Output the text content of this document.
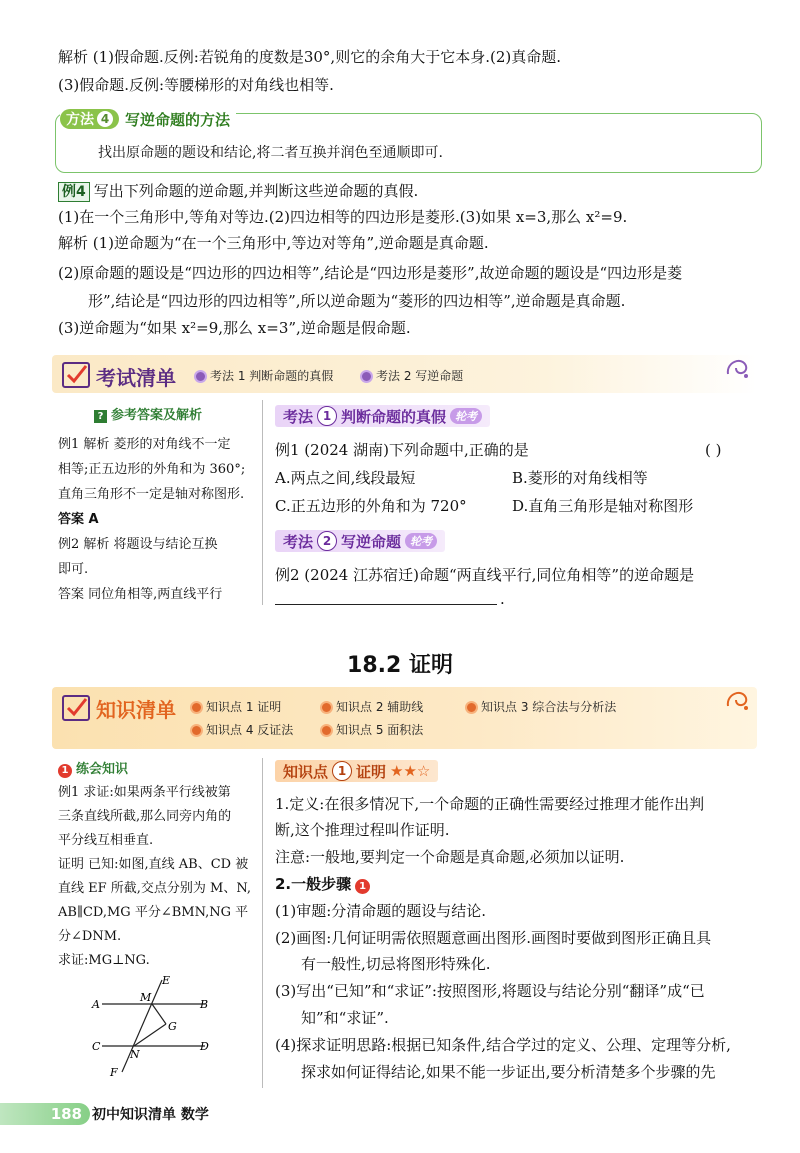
解析 (1)假命题.反例:若锐角的度数是30°,则它的余角大于它本身.(2)真命题.
(3)假命题.反例:等腰梯形的对角线也相等.
方法 4 写逆命题的方法
找出原命题的题设和结论,将二者互换并润色至通顺即可.
例4 写出下列命题的逆命题,并判断这些逆命题的真假.
(1)在一个三角形中,等角对等边.(2)四边相等的四边形是菱形.(3)如果 x=3,那么 x²=9.
解析 (1)逆命题为“在一个三角形中,等边对等角”,逆命题是真命题.
(2)原命题的题设是“四边形的四边相等”,结论是“四边形是菱形”,故逆命题的题设是“四边形是菱
形”,结论是“四边形的四边相等”,所以逆命题为“菱形的四边相等”,逆命题是真命题.
(3)逆命题为“如果 x²=9,那么 x=3”,逆命题是假命题.
考试清单	考法 1 判断命题的真假	考法 2 写逆命题
? 参考答案及解析
例1 解析 菱形的对角线不一定
相等;正五边形的外角和为 360°;
直角三角形不一定是轴对称图形.
答案 A
例2 解析 将题设与结论互换
即可.
答案 同位角相等,两直线平行
考法 1 判断命题的真假 轮考
例1 (2024 湖南)下列命题中,正确的是	( )
A.两点之间,线段最短	B.菱形的对角线相等
C.正五边形的外角和为 720°	D.直角三角形是轴对称图形
考法 2 写逆命题 轮考
例2 (2024 江苏宿迁)命题“两直线平行,同位角相等”的逆命题是
.
18.2 证明
知识清单	知识点 1 证明	知识点 2 辅助线	知识点 3 综合法与分析法
知识点 4 反证法	知识点 5 面积法
1 练会知识
例1 求证:如果两条平行线被第
三条直线所截,那么同旁内角的
平分线互相垂直.
证明 已知:如图,直线 AB、CD 被
直线 EF 所截,交点分别为 M、N,
AB∥CD,MG 平分∠BMN,NG 平
分∠DNM.
求证:MG⊥NG.
E
A
M
B
G
C
N
D
F
知识点 1 证明 ★★☆
1.定义:在很多情况下,一个命题的正确性需要经过推理才能作出判
断,这个推理过程叫作证明.
注意:一般地,要判定一个命题是真命题,必须加以证明.
2.一般步骤 1
(1)审题:分清命题的题设与结论.
(2)画图:几何证明需依照题意画出图形.画图时要做到图形正确且具
有一般性,切忌将图形特殊化.
(3)写出“已知”和“求证”:按照图形,将题设与结论分别“翻译”成“已
知”和“求证”.
(4)探求证明思路:根据已知条件,结合学过的定义、公理、定理等分析,
探求如何证得结论,如果不能一步证出,要分析清楚多个步骤的先
188 初中知识清单 数学
